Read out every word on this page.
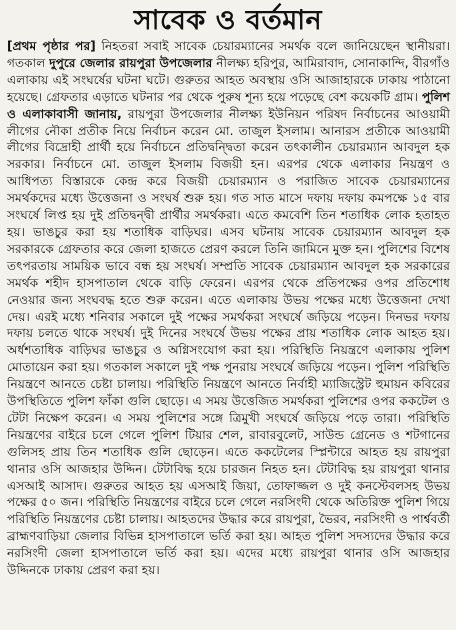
সাবেক ও বর্তমান

[প্রথম পৃষ্ঠার পর] নিহতরা সবাই সাবেক চেয়ারম্যানের সমর্থক বলে জানিয়েছেন স্থানীয়রা। গতকাল দুপুরে জেলার রায়পুরা উপজেলার নীলক্ষ্য হরিপুর, আমিরাবাদ, সোনাকান্দি, বীরগাঁও এলাকায় এই সংঘর্ষের ঘটনা ঘটে। গুরুতর আহত অবস্থায় ওসি আজাহারকে ঢাকায় পাঠানো হয়েছে। গ্রেফতার এড়াতে ঘটনার পর থেকে পুরুষ শূন্য হয়ে পড়েছে বেশ কয়েকটি গ্রাম। পুলিশ ও এলাকাবাসী জানায়, রায়পুরা উপজেলার নীলক্ষ্য ইউনিয়ন পরিষদ নির্বাচনের আওয়ামী লীগের নৌকা প্রতীক নিয়ে নির্বাচন করেন মো. তাজুল ইসলাম। আনারস প্রতীকে আওয়ামী লীগের বিদ্রোহী প্রার্থী হয়ে নির্বাচনে প্রতিদ্বন্দ্বিতা করেন তৎকালীন চেয়ারম্যান আবদুল হক সরকার। নির্বাচনে মো. তাজুল ইসলাম বিজয়ী হন। এরপর থেকে এলাকার নিয়ন্ত্রণ ও আধিপত্য বিস্তারকে কেন্দ্র করে বিজয়ী চেয়ারম্যান ও পরাজিত সাবেক চেয়ারম্যানের সমর্থকদের মধ্যে উত্তেজনা ও সংঘর্ষ শুরু হয়। গত সাত মাসে দফায় দফায় কমপক্ষে ১৫ বার সংঘর্ষে লিপ্ত হয় দুই প্রতিদ্বন্দ্বী প্রার্থীর সমর্থকরা। এতে কমবেশি তিন শতাধিক লোক হতাহত হয়। ভাঙচুর করা হয় শতাধিক বাড়িঘর। এসব ঘটনায় সাবেক চেয়ারম্যান আবদুল হক সরকারকে গ্রেফতার করে জেলা হাজতে প্রেরণ করলে তিনি জামিনে মুক্ত হন। পুলিশের বিশেষ তৎপরতায় সাময়িক ভাবে বন্ধ হয় সংঘর্ষ। সম্প্রতি সাবেক চেয়ারম্যান আবদুল হক সরকারের সমর্থক শহীদ হাসপাতাল থেকে বাড়ি ফেরেন। এরপর থেকে প্রতিপক্ষের ওপর প্রতিশোধ নেওয়ার জন্য সংঘবদ্ধ হতে শুরু করেন। এতে এলাকায় উভয় পক্ষের মধ্যে উত্তেজনা দেখা দেয়। এরই মধ্যে শনিবার সকালে দুই পক্ষের সমর্থকরা সংঘর্ষে জড়িয়ে পড়েন। দিনভর দফায় দফায় চলতে থাকে সংঘর্ষ। দুই দিনের সংঘর্ষে উভয় পক্ষের প্রায় শতাধিক লোক আহত হয়। অর্ধশতাধিক বাড়িঘর ভাঙচুর ও অগ্নিসংযোগ করা হয়। পরিস্থিতি নিয়ন্ত্রণে এলাকায় পুলিশ মোতায়েন করা হয়। গতকাল সকালে দুই পক্ষ পুনরায় সংঘর্ষে জড়িয়ে পড়েন। পুলিশ পরিস্থিতি নিয়ন্ত্রণে আনতে চেষ্টা চালায়। পরিস্থিতি নিয়ন্ত্রণে আনতে নির্বাহী ম্যাজিস্ট্রেট হুমায়ন কবিরের উপস্থিতিতে পুলিশ ফাঁকা গুলি ছোড়ে। এ সময় উত্তেজিত সমর্থকরা পুলিশের ওপর ককটেল ও টেটা নিক্ষেপ করেন। এ সময় পুলিশের সঙ্গে ত্রিমুখী সংঘর্ষে জড়িয়ে পড়ে তারা। পরিস্থিতি নিয়ন্ত্রণের বাইরে চলে গেলে পুলিশ টিয়ার শেল, রাবারবুলেট, সাউন্ড গ্রেনেড ও শটগানের গুলিসহ প্রায় তিন শতাধিক গুলি ছোড়েন। এতে ককটেলের স্প্লিন্টারে আহত হয় রায়পুরা থানার ওসি আজহার উদ্দিন। টেটাবিদ্ধ হয়ে চারজন নিহত হন। টেটাবিদ্ধ হয় রায়পুরা থানার এসআই আসাদ। গুরুতর আহত হয় এসআই জিয়া, তোফাজ্জল ও দুই কনস্টেবলসহ উভয় পক্ষের ৫০ জন। পরিস্থিতি নিয়ন্ত্রণের বাইরে চলে গেলে নরসিংদী থেকে অতিরিক্ত পুলিশ গিয়ে পরিস্থিতি নিয়ন্ত্রণের চেষ্টা চালায়। আহতদের উদ্ধার করে রায়পুরা, ভৈরব, নরসিংদী ও পার্শ্ববর্তী ব্রাহ্মণবাড়িয়া জেলার বিভিন্ন হাসপাতালে ভর্তি করা হয়। আহত পুলিশ সদস্যদের উদ্ধার করে নরসিংদী জেলা হাসপাতালে ভর্তি করা হয়। এদের মধ্যে রায়পুরা থানার ওসি আজহার উদ্দিনকে ঢাকায় প্রেরণ করা হয়।
